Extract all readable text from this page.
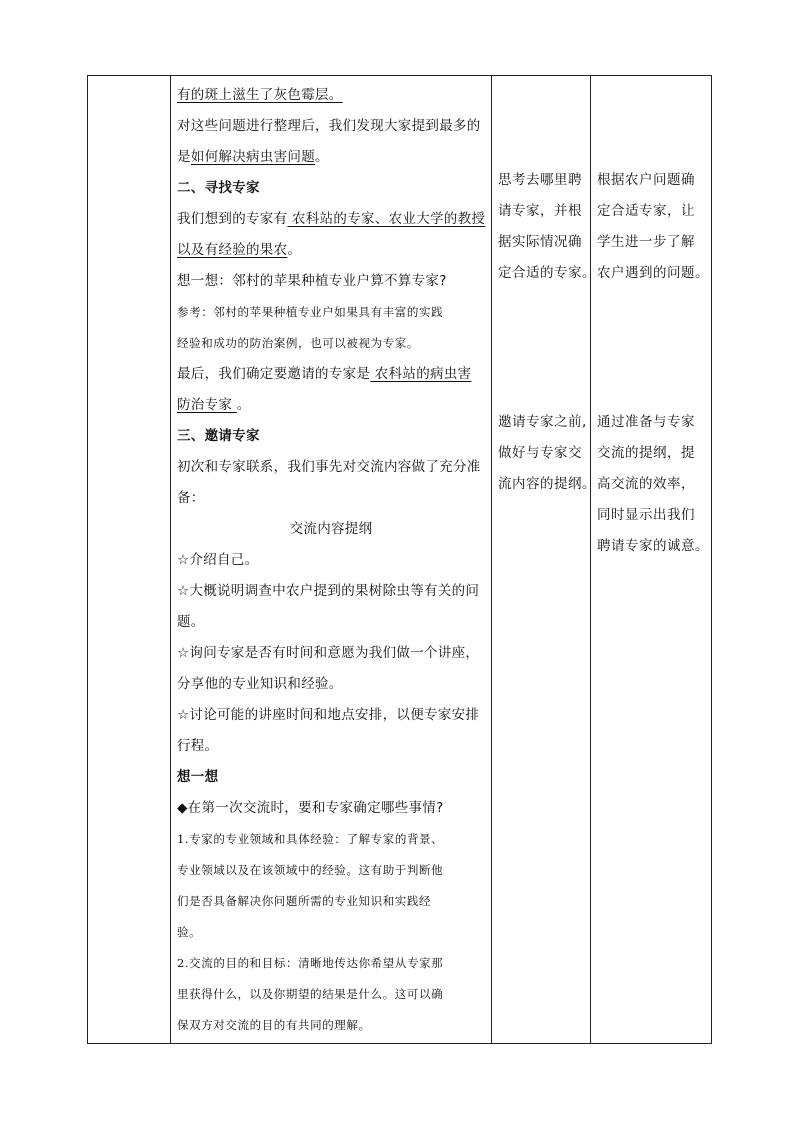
有的斑上滋生了灰色霉层。
对这些问题进行整理后，我们发现大家提到最多的
是如何解决病虫害问题。
二、寻找专家
我们想到的专家有 农科站的专家、农业大学的教授
以及有经验的果农。
想一想：邻村的苹果种植专业户算不算专家?
参考：邻村的苹果种植专业户如果具有丰富的实践
经验和成功的防治案例，也可以被视为专家。
最后，我们确定要邀请的专家是 农科站的病虫害
防治专家 。
三、邀请专家
初次和专家联系，我们事先对交流内容做了充分准
备：
交流内容提纲
☆介绍自己。
☆大概说明调查中农户提到的果树除虫等有关的问
题。
☆询问专家是否有时间和意愿为我们做一个讲座，
分享他的专业知识和经验。
☆讨论可能的讲座时间和地点安排，以便专家安排
行程。
想一想
◆在第一次交流时，要和专家确定哪些事情?
1.专家的专业领域和具体经验：了解专家的背景、
专业领域以及在该领域中的经验。这有助于判断他
们是否具备解决你问题所需的专业知识和实践经
验。
2.交流的目的和目标：清晰地传达你希望从专家那
里获得什么，以及你期望的结果是什么。这可以确
保双方对交流的目的有共同的理解。

思考去哪里聘
请专家，并根
据实际情况确
定合适的专家。
邀请专家之前,
做好与专家交
流内容的提纲。

根据农户问题确
定合适专家，让
学生进一步了解
农户遇到的问题。
通过准备与专家
交流的提纲，提
高交流的效率，
同时显示出我们
聘请专家的诚意。
